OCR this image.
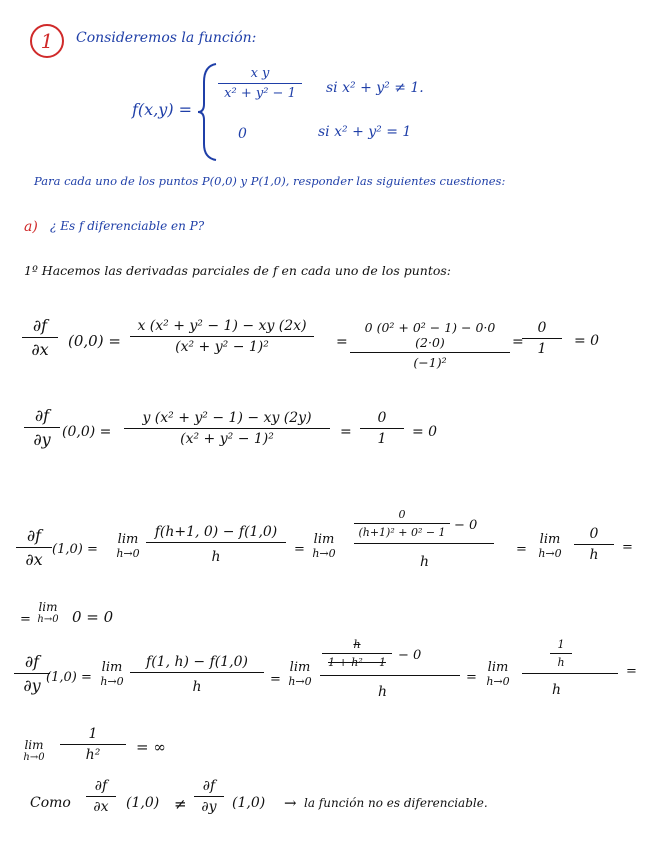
1	Consideremos la función:
f(x,y) =
x y
x² + y² − 1	si x² + y² ≠ 1.
0	si x² + y² = 1
Para cada uno de los puntos P(0,0) y P(1,0), responder las siguientes cuestiones:
a) ¿ Es f diferenciable en P?
1º Hacemos las derivadas parciales de f en cada uno de los puntos:
∂f
∂x	(0,0) =
x (x² + y² − 1) − xy (2x)
(x² + y² − 1)²	=
0 (0² + 0² − 1) − 0·0 (2·0)
(−1)²
=
0
1	= 0
∂f
∂y (0,0) =
y (x² + y² − 1) − xy (2y)
(x² + y² − 1)²	=
0
1	= 0
∂f
∂x
(1,0) =
lim
h→0
f(h+1, 0) − f(1,0)
h	=
lim
h→0
0
(h+1)² + 0² − 1 − 0
h
=
lim
h→0
0
h	=
=
lim
h→0 0 = 0
∂f
∂y (1,0) =
lim
h→0
f(1, h) − f(1,0)
h	=
lim
h→0
h
1 + h² − 1 − 0
h
=
lim
h→0
1
h
h
=
lim
h→0
1
h²	= ∞
Como
∂f
∂x	(1,0) ≠
∂f
∂y	(1,0) → la función no es diferenciable.
